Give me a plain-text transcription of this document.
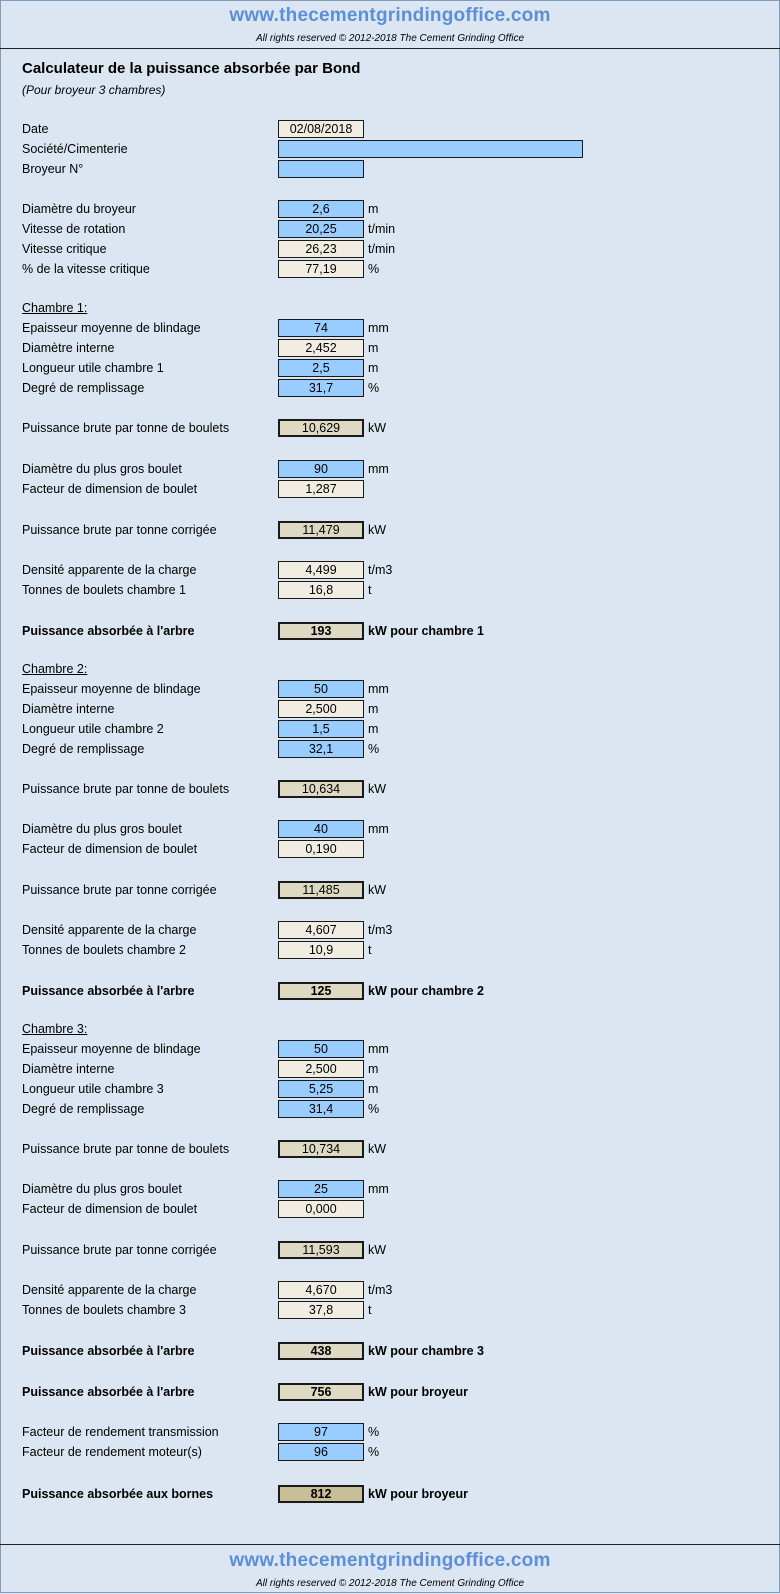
www.thecementgrindingoffice.com
All rights reserved © 2012-2018 The Cement Grinding Office
Calculateur de la puissance absorbée par Bond
(Pour broyeur 3 chambres)
Date	02/08/2018
Société/Cimenterie
Broyeur N°
Diamètre du broyeur	2,6	m
Vitesse de rotation	20,25	t/min
Vitesse critique	26,23	t/min
% de la vitesse critique	77,19	%
Chambre 1:
Epaisseur moyenne de blindage	74	mm
Diamètre interne	2,452	m
Longueur utile chambre 1	2,5	m
Degré de remplissage	31,7	%
Puissance brute par tonne de boulets	10,629	kW
Diamètre du plus gros boulet	90	mm
Facteur de dimension de boulet	1,287
Puissance brute par tonne corrigée	11,479	kW
Densité apparente de la charge	4,499	t/m3
Tonnes de boulets chambre 1	16,8	t
Puissance absorbée à l'arbre	193	kW pour chambre 1
Chambre 2:
Epaisseur moyenne de blindage	50	mm
Diamètre interne	2,500	m
Longueur utile chambre 2	1,5	m
Degré de remplissage	32,1	%
Puissance brute par tonne de boulets	10,634	kW
Diamètre du plus gros boulet	40	mm
Facteur de dimension de boulet	0,190
Puissance brute par tonne corrigée	11,485	kW
Densité apparente de la charge	4,607	t/m3
Tonnes de boulets chambre 2	10,9	t
Puissance absorbée à l'arbre	125	kW pour chambre 2
Chambre 3:
Epaisseur moyenne de blindage	50	mm
Diamètre interne	2,500	m
Longueur utile chambre 3	5,25	m
Degré de remplissage	31,4	%
Puissance brute par tonne de boulets	10,734	kW
Diamètre du plus gros boulet	25	mm
Facteur de dimension de boulet	0,000
Puissance brute par tonne corrigée	11,593	kW
Densité apparente de la charge	4,670	t/m3
Tonnes de boulets chambre 3	37,8	t
Puissance absorbée à l'arbre	438	kW pour chambre 3
Puissance absorbée à l'arbre	756	kW pour broyeur
Facteur de rendement transmission	97	%
Facteur de rendement moteur(s)	96	%
Puissance absorbée aux bornes	812	kW pour broyeur
www.thecementgrindingoffice.com
All rights reserved © 2012-2018 The Cement Grinding Office
